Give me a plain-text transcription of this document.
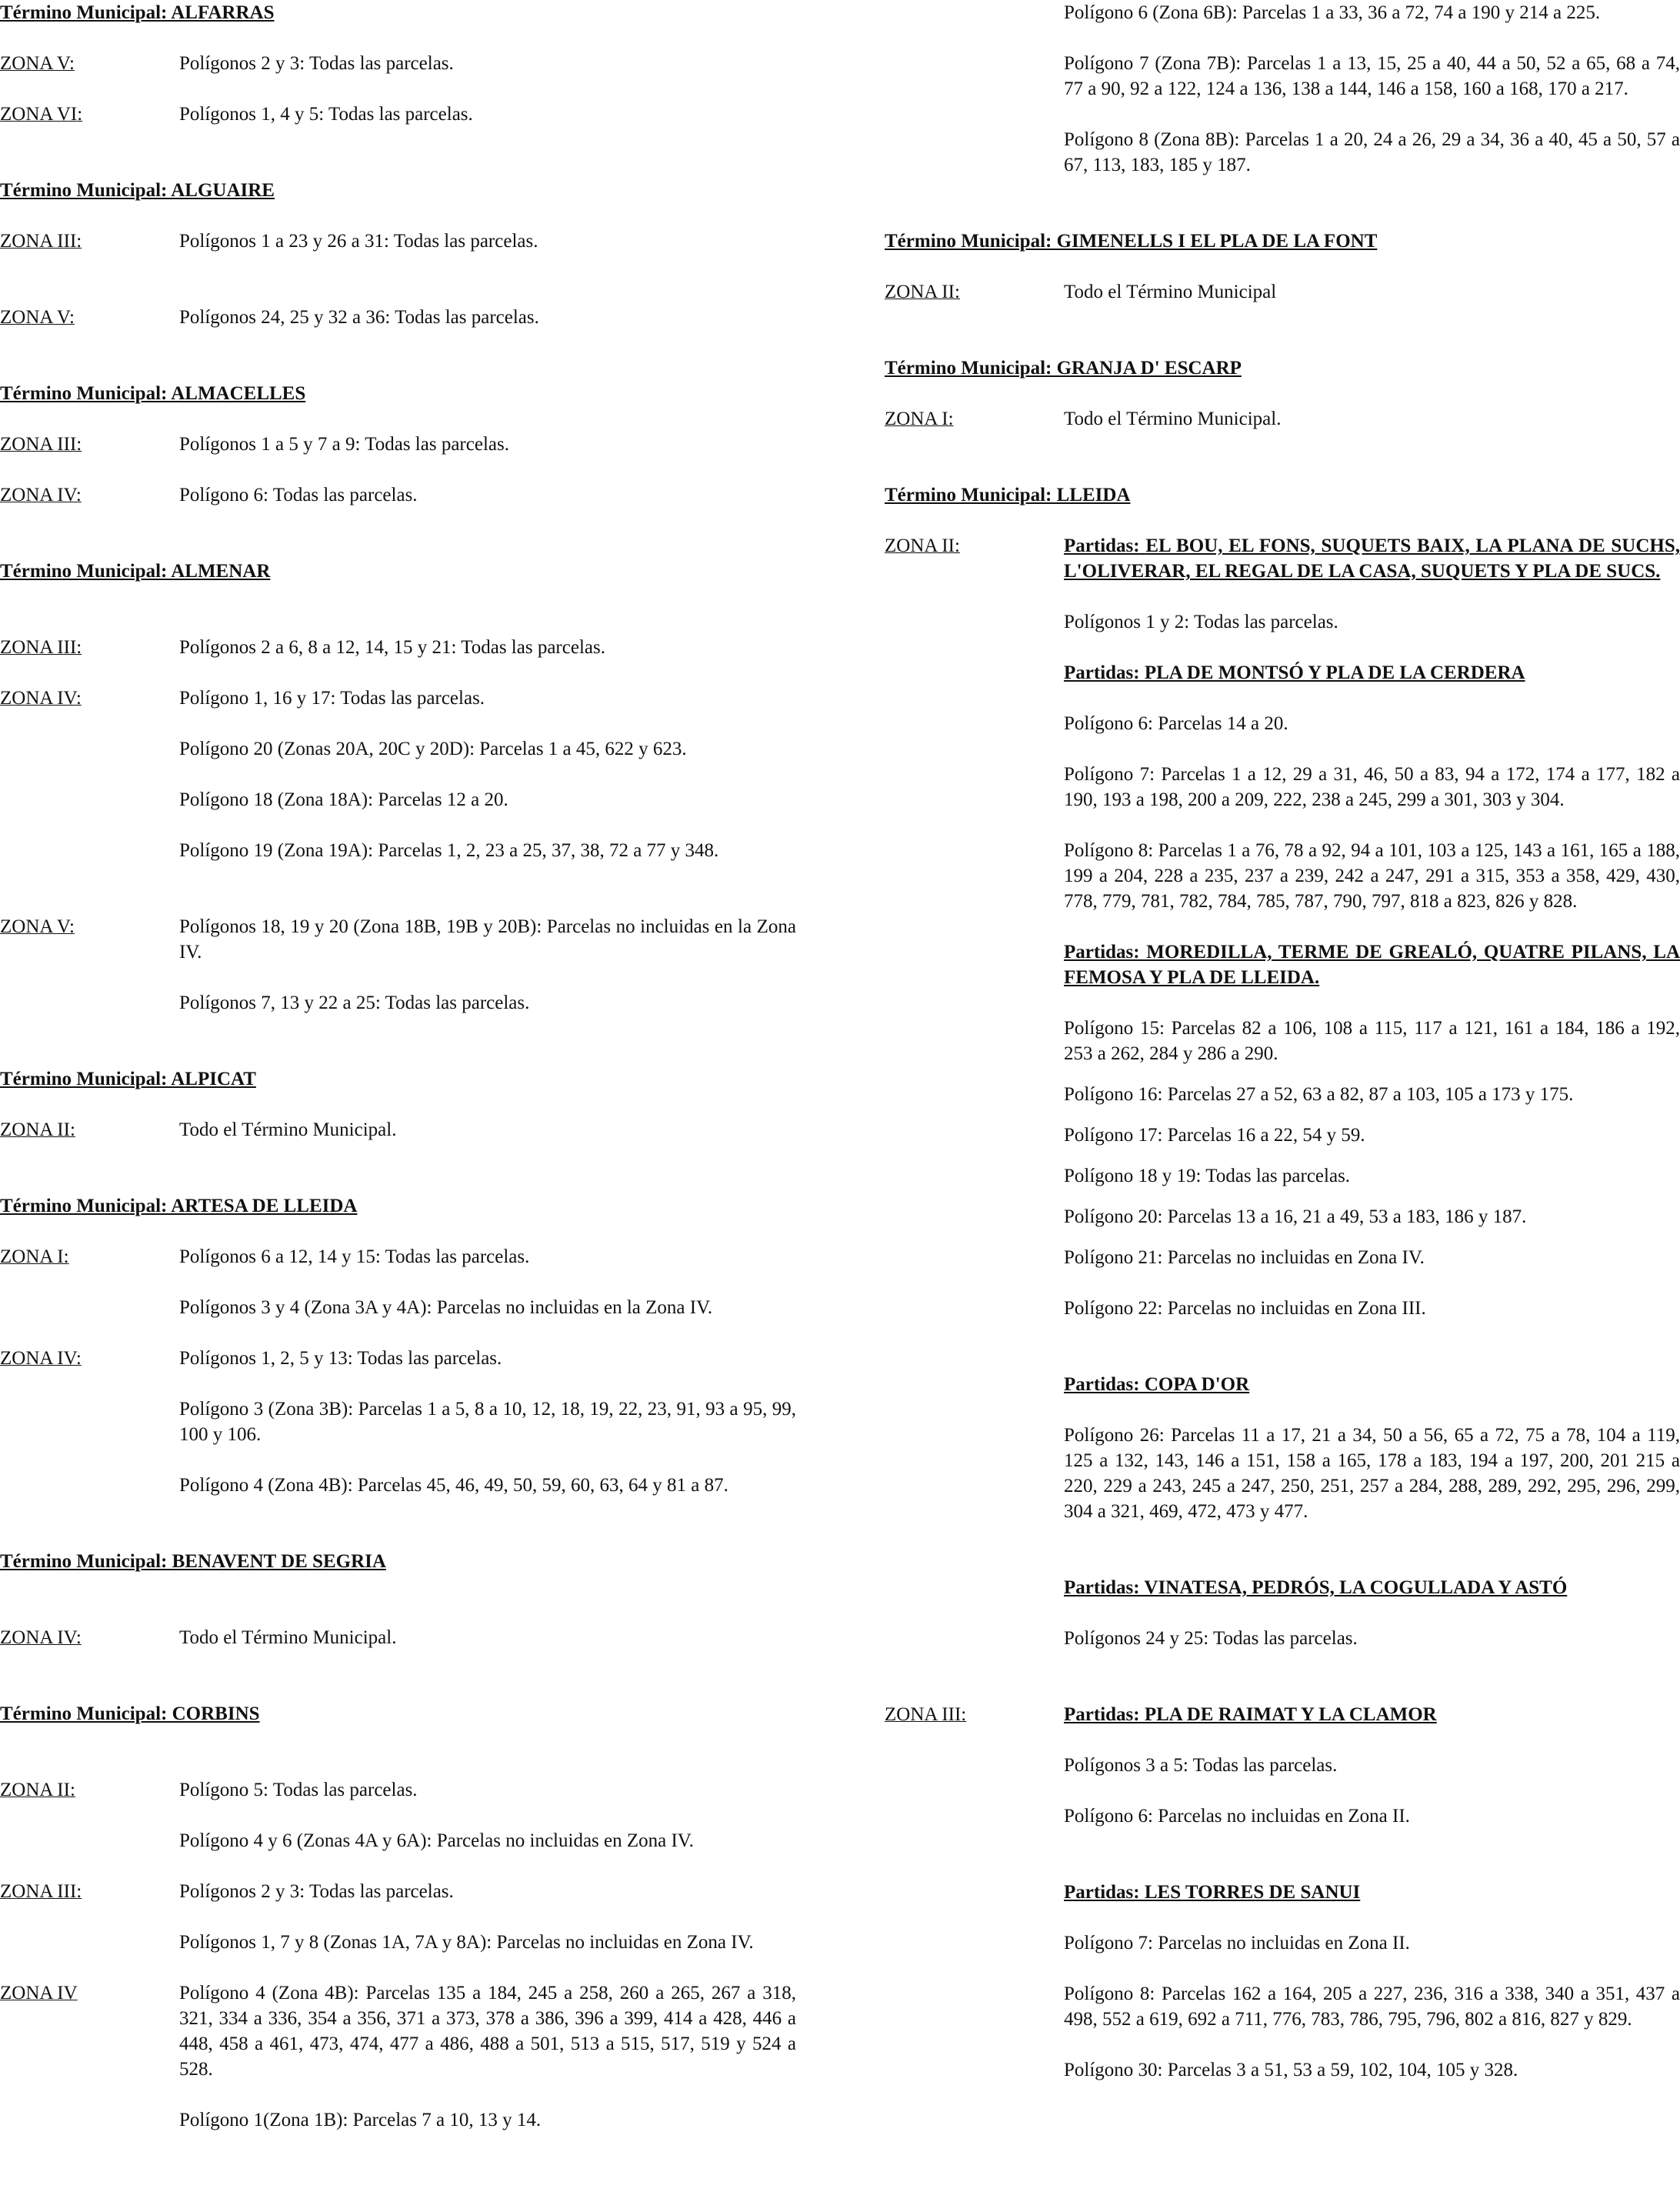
Término Municipal: ALFARRAS
ZONA V:	Polígonos 2 y 3: Todas las parcelas.
ZONA VI:	Polígonos 1, 4 y 5: Todas las parcelas.
Término Municipal: ALGUAIRE
ZONA III:	Polígonos 1 a 23 y 26 a 31: Todas las parcelas.
ZONA V:	Polígonos 24, 25 y 32 a 36: Todas las parcelas.
Término Municipal: ALMACELLES
ZONA III:	Polígonos 1 a 5 y 7 a 9: Todas las parcelas.
ZONA IV:	Polígono 6: Todas las parcelas.
Término Municipal: ALMENAR
ZONA III:	Polígonos 2 a 6, 8 a 12, 14, 15 y 21: Todas las parcelas.
ZONA IV:	Polígono 1, 16 y 17: Todas las parcelas.
Polígono 20 (Zonas 20A, 20C y 20D): Parcelas 1 a 45, 622 y 623.
Polígono 18 (Zona 18A): Parcelas 12 a 20.
Polígono 19 (Zona 19A): Parcelas 1, 2, 23 a 25, 37, 38, 72 a 77 y 348.
ZONA V:	Polígonos 18, 19 y 20 (Zona 18B, 19B y 20B): Parcelas no incluidas en la Zona IV.
Polígonos 7, 13 y 22 a 25: Todas las parcelas.
Término Municipal: ALPICAT
ZONA II:	Todo el Término Municipal.
Término Municipal: ARTESA DE LLEIDA
ZONA I:	Polígonos 6 a 12, 14 y 15: Todas las parcelas.
Polígonos 3 y 4 (Zona 3A y 4A): Parcelas no incluidas en la Zona IV.
ZONA IV:	Polígonos 1, 2, 5 y 13: Todas las parcelas.
Polígono 3 (Zona 3B): Parcelas 1 a 5, 8 a 10, 12, 18, 19, 22, 23, 91, 93 a 95, 99, 100 y 106.
Polígono 4 (Zona 4B): Parcelas 45, 46, 49, 50, 59, 60, 63, 64 y 81 a 87.
Término Municipal: BENAVENT DE SEGRIA
ZONA IV:	Todo el Término Municipal.
Término Municipal: CORBINS
ZONA II:	Polígono 5: Todas las parcelas.
Polígono 4 y 6 (Zonas 4A y 6A): Parcelas no incluidas en Zona IV.
ZONA III:	Polígonos 2 y 3: Todas las parcelas.
Polígonos 1, 7 y 8 (Zonas 1A, 7A y 8A): Parcelas no incluidas en Zona IV.
ZONA IV	Polígono 4 (Zona 4B): Parcelas 135 a 184, 245 a 258, 260 a 265, 267 a 318, 321, 334 a 336, 354 a 356, 371 a 373, 378 a 386, 396 a 399, 414 a 428, 446 a 448, 458 a 461, 473, 474, 477 a 486, 488 a 501, 513 a 515, 517, 519 y 524 a 528.
Polígono 1(Zona 1B): Parcelas 7 a 10, 13 y 14.
Polígono 6 (Zona 6B): Parcelas 1 a 33, 36 a 72, 74 a 190 y 214 a 225.
Polígono 7 (Zona 7B): Parcelas 1 a 13, 15, 25 a 40, 44 a 50, 52 a 65, 68 a 74, 77 a 90, 92 a 122, 124 a 136, 138 a 144, 146 a 158, 160 a 168, 170 a 217.
Polígono 8 (Zona 8B): Parcelas 1 a 20, 24 a 26, 29 a 34, 36 a 40, 45 a 50, 57 a 67, 113, 183, 185 y 187.
Término Municipal: GIMENELLS I EL PLA DE LA FONT
ZONA II:	Todo el Término Municipal
Término Municipal: GRANJA D' ESCARP
ZONA I:	Todo el Término Municipal.
Término Municipal: LLEIDA
ZONA II:	Partidas: EL BOU, EL FONS, SUQUETS BAIX, LA PLANA DE SUCHS, L'OLIVERAR, EL REGAL DE LA CASA, SUQUETS Y PLA DE SUCS.
Polígonos 1 y 2: Todas las parcelas.
Partidas: PLA DE MONTSÓ Y PLA DE LA CERDERA
Polígono 6: Parcelas 14 a 20.
Polígono 7: Parcelas 1 a 12, 29 a 31, 46, 50 a 83, 94 a 172, 174 a 177, 182 a 190, 193 a 198, 200 a 209, 222, 238 a 245, 299 a 301, 303 y 304.
Polígono 8: Parcelas 1 a 76, 78 a 92, 94 a 101, 103 a 125, 143 a 161, 165 a 188, 199 a 204, 228 a 235, 237 a 239, 242 a 247, 291 a 315, 353 a 358, 429, 430, 778, 779, 781, 782, 784, 785, 787, 790, 797, 818 a 823, 826 y 828.
Partidas: MOREDILLA, TERME DE GREALÓ, QUATRE PILANS, LA FEMOSA Y PLA DE LLEIDA.
Polígono 15: Parcelas 82 a 106, 108 a 115, 117 a 121, 161 a 184, 186 a 192, 253 a 262, 284 y 286 a 290.
Polígono 16: Parcelas 27 a 52, 63 a 82, 87 a 103, 105 a 173 y 175.
Polígono 17: Parcelas 16 a 22, 54 y 59.
Polígono 18 y 19: Todas las parcelas.
Polígono 20: Parcelas 13 a 16, 21 a 49, 53 a 183, 186 y 187.
Polígono 21: Parcelas no incluidas en Zona IV.
Polígono 22: Parcelas no incluidas en Zona III.
Partidas: COPA D'OR
Polígono 26: Parcelas 11 a 17, 21 a 34, 50 a 56, 65 a 72, 75 a 78, 104 a 119, 125 a 132, 143, 146 a 151, 158 a 165, 178 a 183, 194 a 197, 200, 201 215 a 220, 229 a 243, 245 a 247, 250, 251, 257 a 284, 288, 289, 292, 295, 296, 299, 304 a 321, 469, 472, 473 y 477.
Partidas: VINATESA, PEDRÓS, LA COGULLADA Y ASTÓ
Polígonos 24 y 25: Todas las parcelas.
ZONA III:	Partidas: PLA DE RAIMAT Y LA CLAMOR
Polígonos 3 a 5: Todas las parcelas.
Polígono 6: Parcelas no incluidas en Zona II.
Partidas: LES TORRES DE SANUI
Polígono 7: Parcelas no incluidas en Zona II.
Polígono 8: Parcelas 162 a 164, 205 a 227, 236, 316 a 338, 340 a 351, 437 a 498, 552 a 619, 692 a 711, 776, 783, 786, 795, 796, 802 a 816, 827 y 829.
Polígono 30: Parcelas 3 a 51, 53 a 59, 102, 104, 105 y 328.
